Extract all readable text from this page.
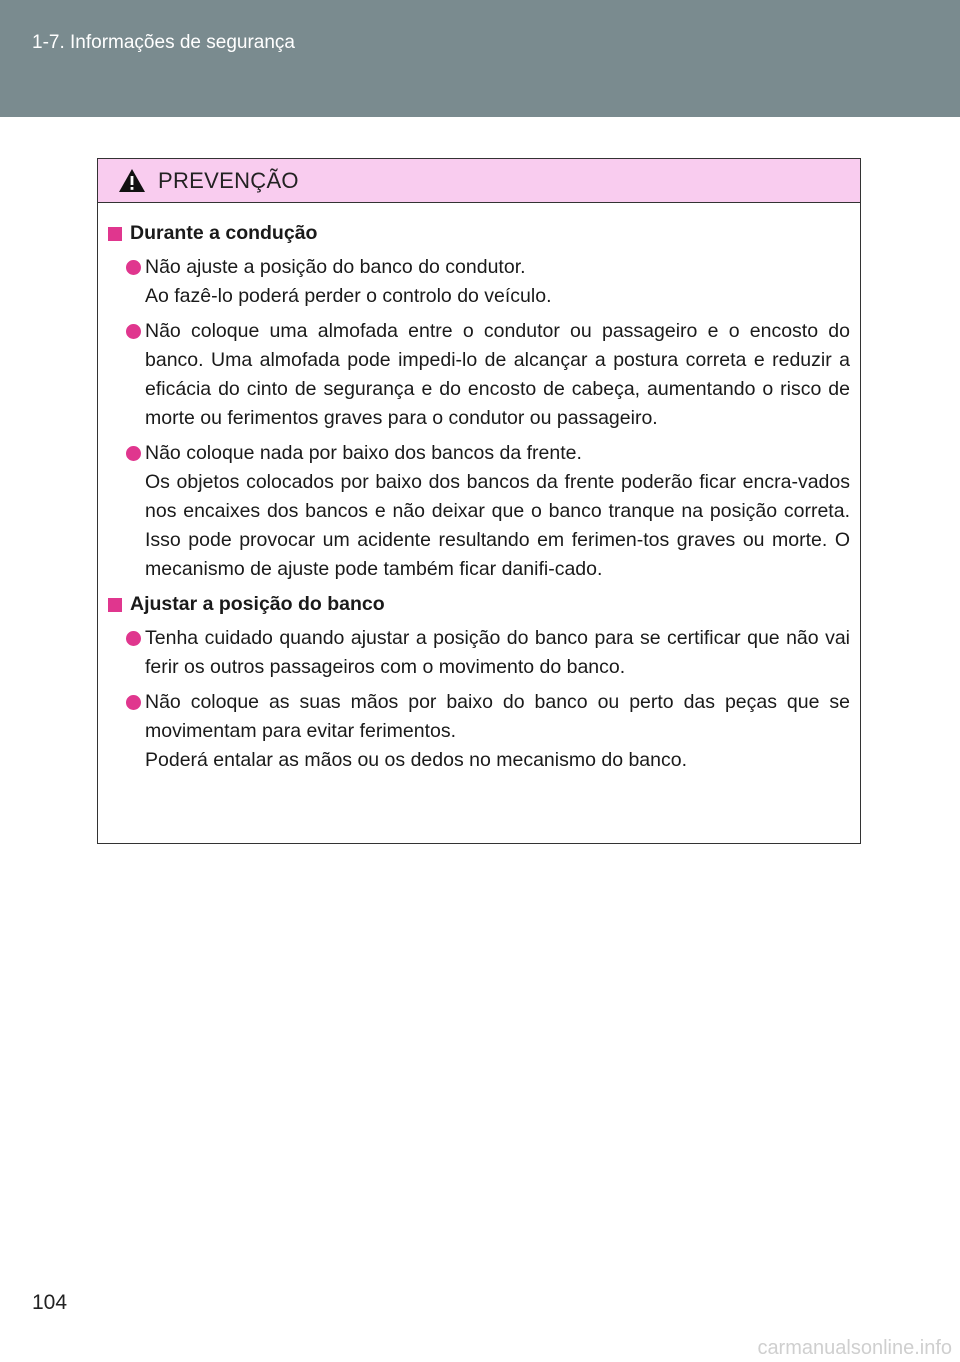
1-7. Informações de segurança
PREVENÇÃO
Durante a condução

Não ajuste a posição do banco do condutor.

Ao fazê-lo poderá perder o controlo do veículo.

Não coloque uma almofada entre o condutor ou passageiro e o encosto do banco. Uma almofada pode impedi-lo de alcançar a postura correta e reduzir a eficácia do cinto de segurança e do encosto de cabeça, aumentando o risco de morte ou ferimentos graves para o condutor ou passageiro.

Não coloque nada por baixo dos bancos da frente.

Os objetos colocados por baixo dos bancos da frente poderão ficar encra-vados nos encaixes dos bancos e não deixar que o banco tranque na posição correta. Isso pode provocar um acidente resultando em ferimen-tos graves ou morte. O mecanismo de ajuste pode também ficar danifi-cado.

Ajustar a posição do banco

Tenha cuidado quando ajustar a posição do banco para se certificar que não vai ferir os outros passageiros com o movimento do banco.

Não coloque as suas mãos por baixo do banco ou perto das peças que se movimentam para evitar ferimentos.

Poderá entalar as mãos ou os dedos no mecanismo do banco.

104
carmanualsonline.info
